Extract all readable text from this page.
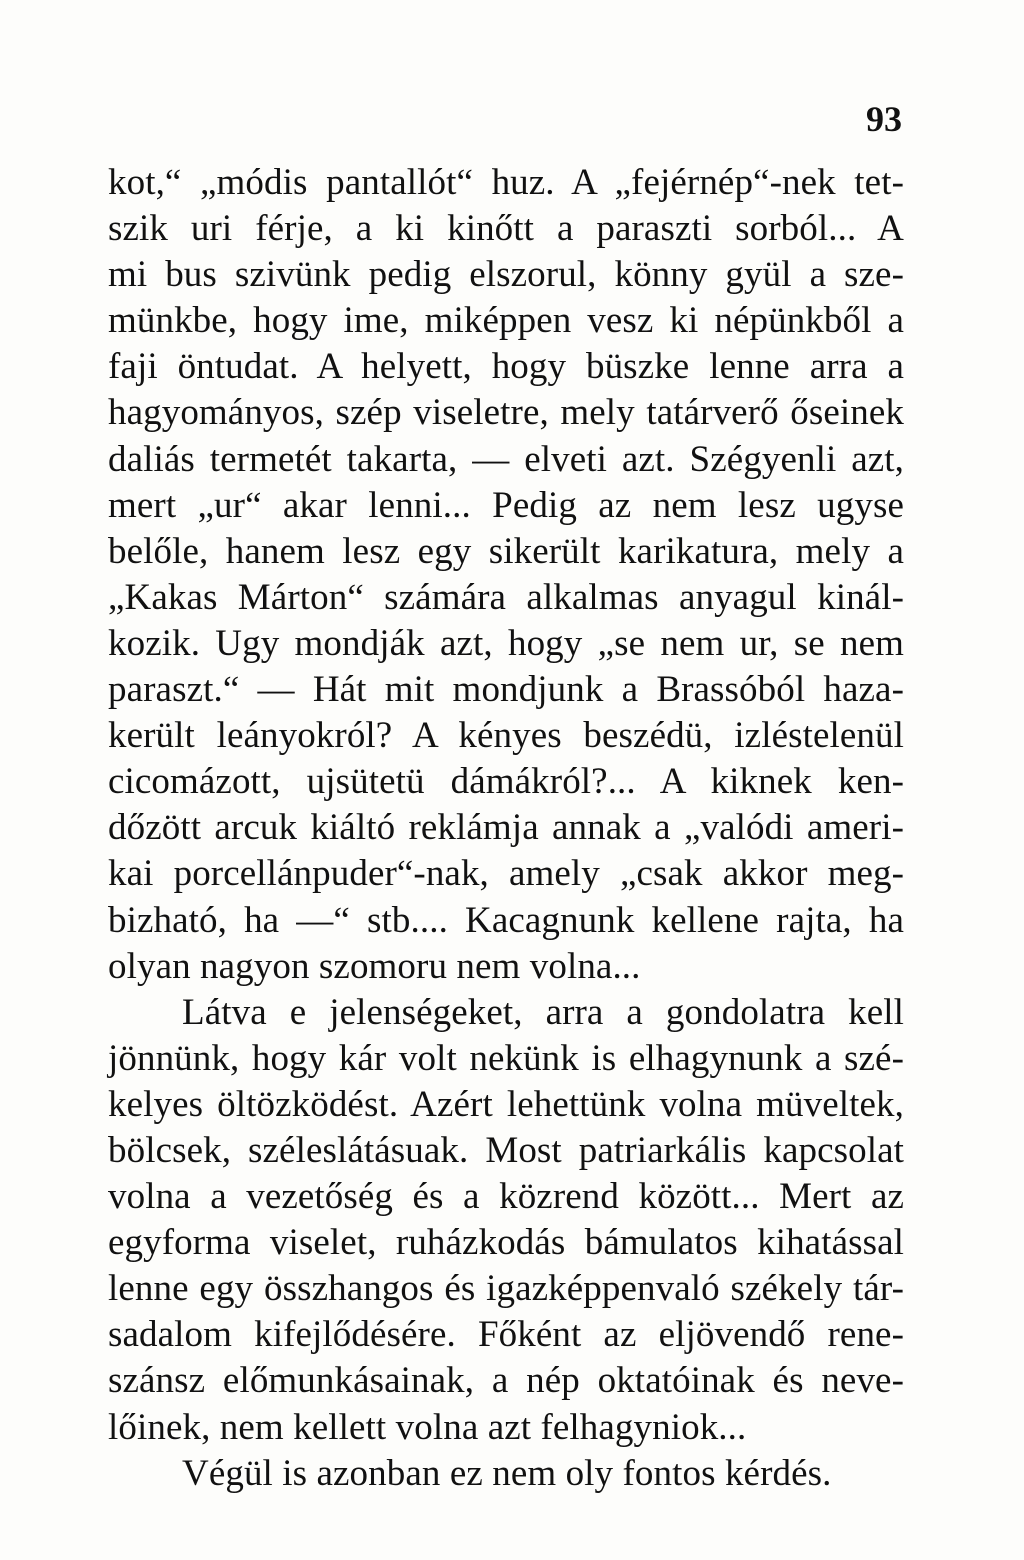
93
kot,“ „módis pantallót“ huz. A „fejérnép“-nek tet-
szik uri férje, a ki kinőtt a paraszti sorból... A
mi bus szivünk pedig elszorul, könny gyül a sze-
münkbe, hogy ime, miképpen vesz ki népünkből a
faji öntudat. A helyett, hogy büszke lenne arra a
hagyományos, szép viseletre, mely tatárverő őseinek
daliás termetét takarta, — elveti azt. Szégyenli azt,
mert „ur“ akar lenni... Pedig az nem lesz ugyse
belőle, hanem lesz egy sikerült karikatura, mely a
„Kakas Márton“ számára alkalmas anyagul kinál-
kozik. Ugy mondják azt, hogy „se nem ur, se nem
paraszt.“ — Hát mit mondjunk a Brassóból haza-
került leányokról? A kényes beszédü, izléstelenül
cicomázott, ujsütetü dámákról?... A kiknek ken-
dőzött arcuk kiáltó reklámja annak a „valódi ameri-
kai porcellánpuder“-nak, amely „csak akkor meg-
bizható, ha —“ stb.... Kacagnunk kellene rajta, ha
olyan nagyon szomoru nem volna...
Látva e jelenségeket, arra a gondolatra kell
jönnünk, hogy kár volt nekünk is elhagynunk a szé-
kelyes öltözködést. Azért lehettünk volna müveltek,
bölcsek, széleslátásuak. Most patriarkális kapcsolat
volna a vezetőség és a közrend között... Mert az
egyforma viselet, ruházkodás bámulatos kihatással
lenne egy összhangos és igazképpenvaló székely tár-
sadalom kifejlődésére. Főként az eljövendő rene-
szánsz előmunkásainak, a nép oktatóinak és neve-
lőinek, nem kellett volna azt felhagyniok...
Végül is azonban ez nem oly fontos kérdés.
